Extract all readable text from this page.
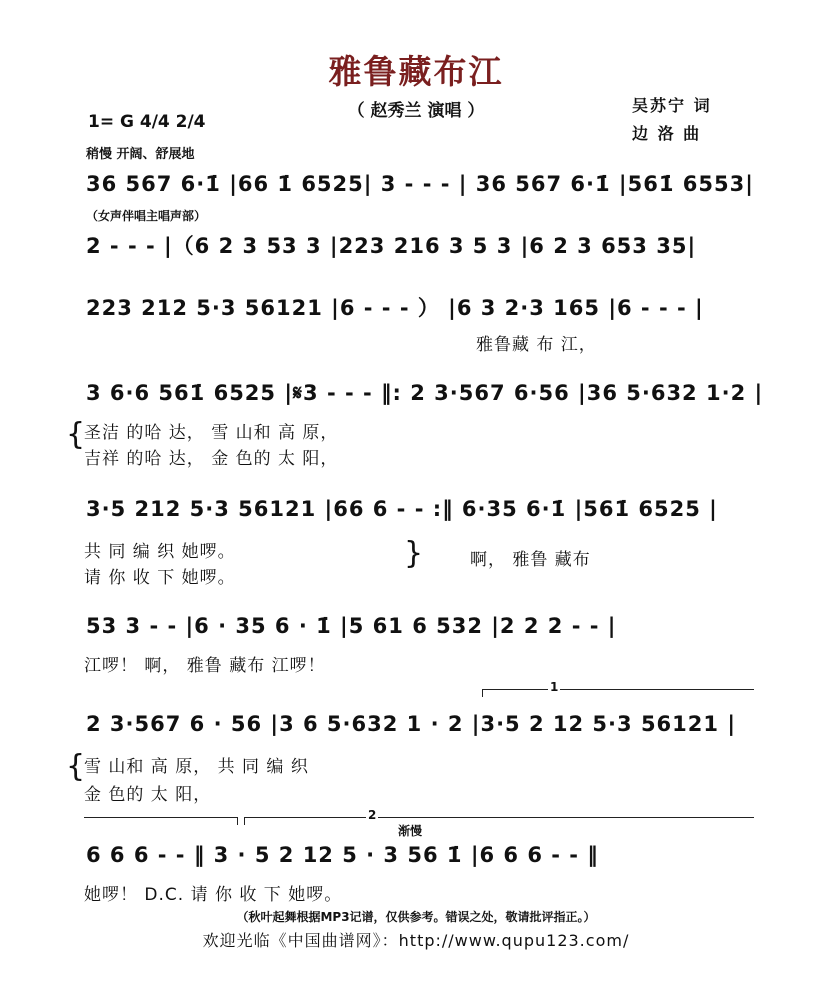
雅鲁藏布江
（ 赵秀兰 演唱 ）
1= G 4/4 2/4
稍慢 开阔、舒展地
吴苏宁 词
边 洛 曲
36 567 6·1̇ |66 1̇ 6525| 3 - - - | 36 567 6·1̇ |561̇ 6553|
（女声伴唱主唱声部）
2 - - - |（6 2 3 53 3 |223 216 3 5 3 |6 2 3 653 35|
223 212 5·3 56121 |6 - - - ） |6 3 2·3 165 |6 - - - |
雅鲁藏 布 江，
3 6·6 561̇ 6525 |𝄋3 - - - ‖: 2 3·567 6·56 |36 5·632 1·2 |
{
圣洁 的哈 达， 雪 山和 高 原，
吉祥 的哈 达， 金 色的 太 阳，
3·5 212 5·3 56121 |66 6 - - :‖ 6·35 6·1̇ |561̇ 6525 |
共 同 编 织 她啰。
请 你 收 下 她啰。
}	啊， 雅鲁 藏布
53 3 - - |6 · 35 6 · 1̇ |5 61 6 532 |2 2 2 - - |
江啰！ 啊， 雅鲁 藏布 江啰！
1
2 3·567 6 · 56 |3 6 5·632 1 · 2 |3·5 2 12 5·3 56121 |
{
雪 山和 高 原， 共 同 编 织
金 色的 太 阳，
2
渐慢
6 6 6 - - ‖ 3 · 5 2 12 5 · 3 56 1̇ |6 6 6 - - ‖
她啰！ D.C. 请 你 收 下 她啰。
（秋叶起舞根据MP3记谱，仅供参考。错误之处，敬请批评指正。）
欢迎光临《中国曲谱网》：http://www.qupu123.com/
